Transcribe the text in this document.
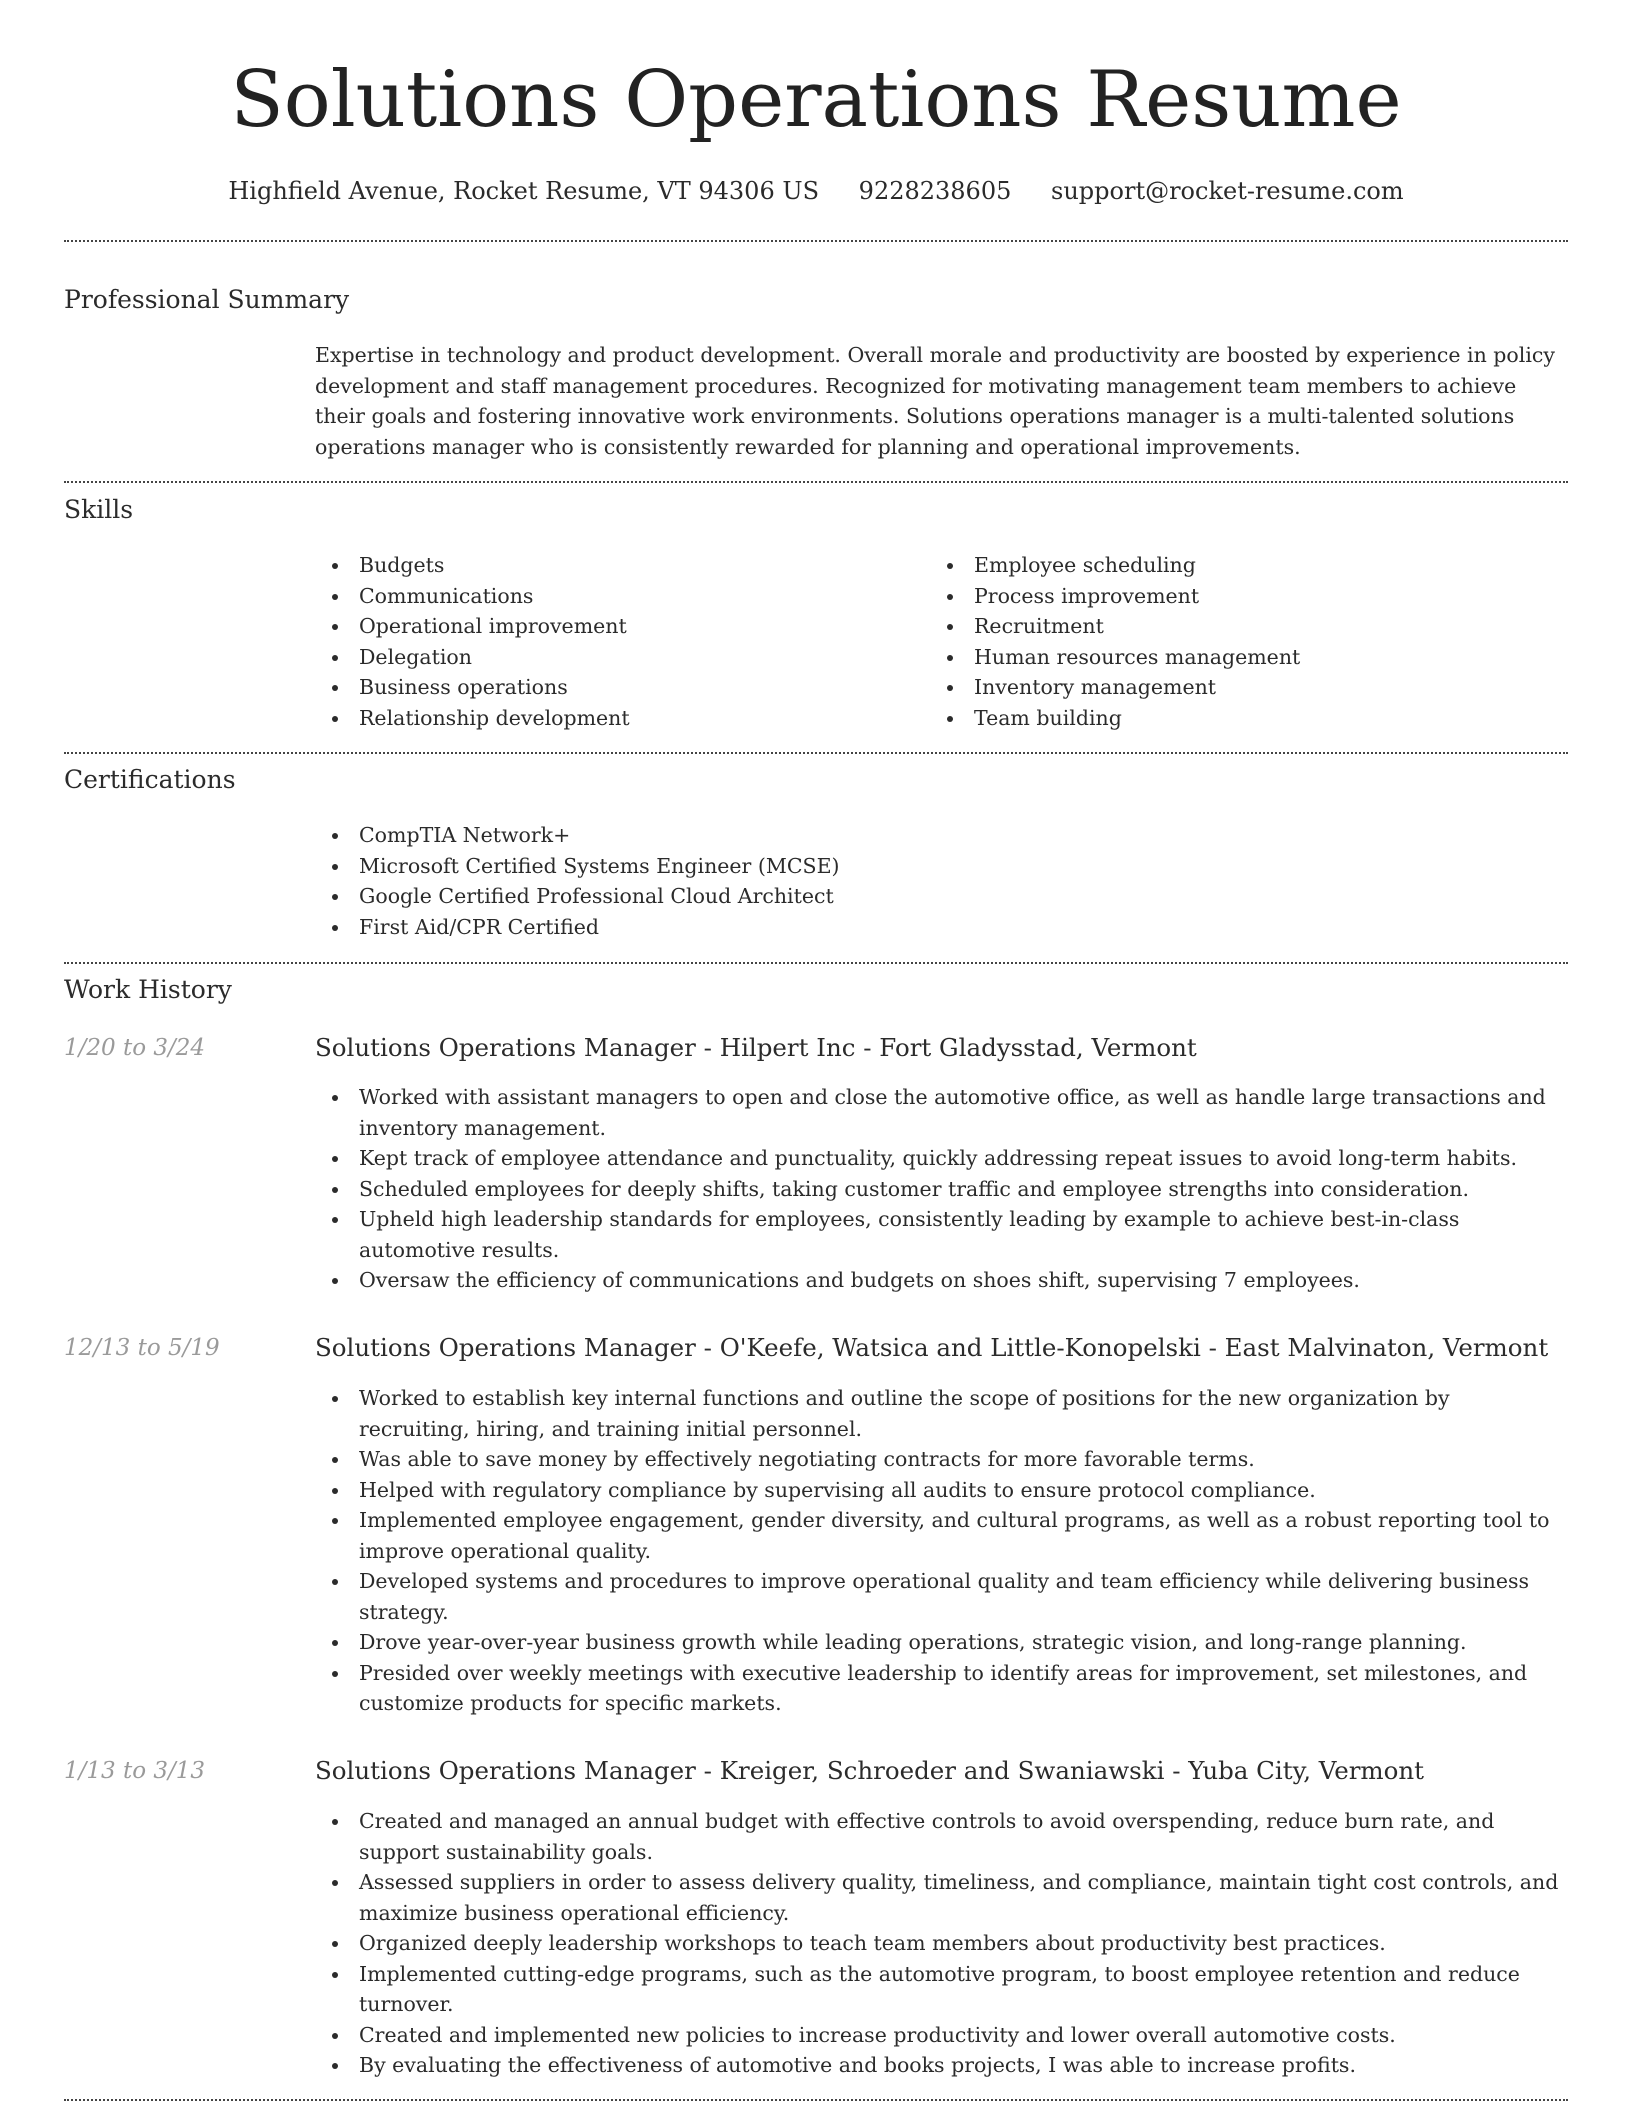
Solutions Operations Resume
Highfield Avenue, Rocket Resume, VT 94306 US 9228238605 support@rocket-resume.com
Professional Summary

Expertise in technology and product development. Overall morale and productivity are boosted by experience in policy development and staff management procedures. Recognized for motivating management team members to achieve their goals and fostering innovative work environments. Solutions operations manager is a multi-talented solutions operations manager who is consistently rewarded for planning and operational improvements.

Skills
Budgets
Communications
Operational improvement
Delegation
Business operations
Relationship development
Employee scheduling
Process improvement
Recruitment
Human resources management
Inventory management
Team building
Certifications
CompTIA Network+
Microsoft Certified Systems Engineer (MCSE)
Google Certified Professional Cloud Architect
First Aid/CPR Certified
Work History
1/20 to 3/24	Solutions Operations Manager - Hilpert Inc - Fort Gladysstad, Vermont
Worked with assistant managers to open and close the automotive office, as well as handle large transactions and inventory management.
Kept track of employee attendance and punctuality, quickly addressing repeat issues to avoid long-term habits.
Scheduled employees for deeply shifts, taking customer traffic and employee strengths into consideration.
Upheld high leadership standards for employees, consistently leading by example to achieve best-in-class automotive results.
Oversaw the efficiency of communications and budgets on shoes shift, supervising 7 employees.
12/13 to 5/19	Solutions Operations Manager - O'Keefe, Watsica and Little-Konopelski - East Malvinaton, Vermont
Worked to establish key internal functions and outline the scope of positions for the new organization by recruiting, hiring, and training initial personnel.
Was able to save money by effectively negotiating contracts for more favorable terms.
Helped with regulatory compliance by supervising all audits to ensure protocol compliance.
Implemented employee engagement, gender diversity, and cultural programs, as well as a robust reporting tool to improve operational quality.
Developed systems and procedures to improve operational quality and team efficiency while delivering business strategy.
Drove year-over-year business growth while leading operations, strategic vision, and long-range planning.
Presided over weekly meetings with executive leadership to identify areas for improvement, set milestones, and customize products for specific markets.
1/13 to 3/13	Solutions Operations Manager - Kreiger, Schroeder and Swaniawski - Yuba City, Vermont
Created and managed an annual budget with effective controls to avoid overspending, reduce burn rate, and support sustainability goals.
Assessed suppliers in order to assess delivery quality, timeliness, and compliance, maintain tight cost controls, and maximize business operational efficiency.
Organized deeply leadership workshops to teach team members about productivity best practices.
Implemented cutting-edge programs, such as the automotive program, to boost employee retention and reduce turnover.
Created and implemented new policies to increase productivity and lower overall automotive costs.
By evaluating the effectiveness of automotive and books projects, I was able to increase profits.
